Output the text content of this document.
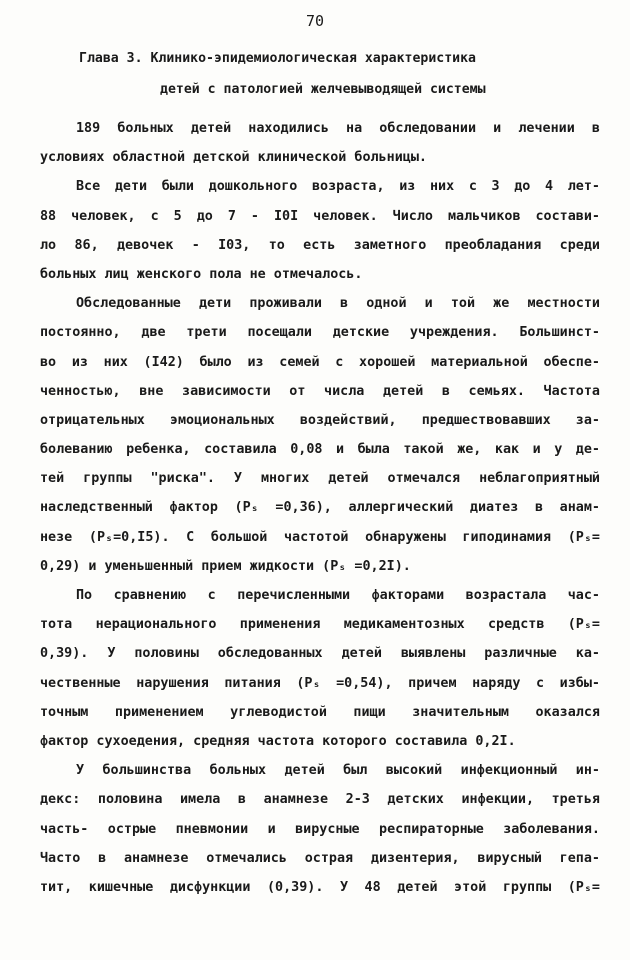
70
Глава 3. Клинико-эпидемиологическая характеристика
детей с патологией желчевыводящей системы
189 больных детей находились на обследовании и лечении в
условиях областной детской клинической больницы.
Все дети были дошкольного возраста, из них с 3 до 4 лет-
88 человек, с 5 до 7 - I0I человек. Число мальчиков состави-
ло 86, девочек - I03, то есть заметного преобладания среди
больных лиц женского пола не отмечалось.
Обследованные дети проживали в одной и той же местности
постоянно, две трети посещали детские учреждения. Большинст-
во из них (I42) было из семей с хорошей материальной обеспе-
ченностью, вне зависимости от числа детей в семьях. Частота
отрицательных эмоциональных воздействий, предшествовавших за-
болеванию ребенка, составила 0,08 и была такой же, как и у де-
тей группы "риска". У многих детей отмечался неблагоприятный
наследственный фактор (Pₛ =0,36), аллергический диатез в анам-
незе (Pₛ=0,I5). С большой частотой обнаружены гиподинамия (Pₛ=
0,29) и уменьшенный прием жидкости (Pₛ =0,2I).
По сравнению с перечисленными факторами возрастала час-
тота нерационального применения медикаментозных средств (Pₛ=
0,39). У половины обследованных детей выявлены различные ка-
чественные нарушения питания (Pₛ =0,54), причем наряду с избы-
точным применением углеводистой пищи значительным оказался
фактор сухоедения, средняя частота которого составила 0,2I.
У большинства больных детей был высокий инфекционный ин-
декс: половина имела в анамнезе 2-3 детских инфекции, третья
часть- острые пневмонии и вирусные респираторные заболевания.
Часто в анамнезе отмечались острая дизентерия, вирусный гепа-
тит, кишечные дисфункции (0,39). У 48 детей этой группы (Pₛ=
